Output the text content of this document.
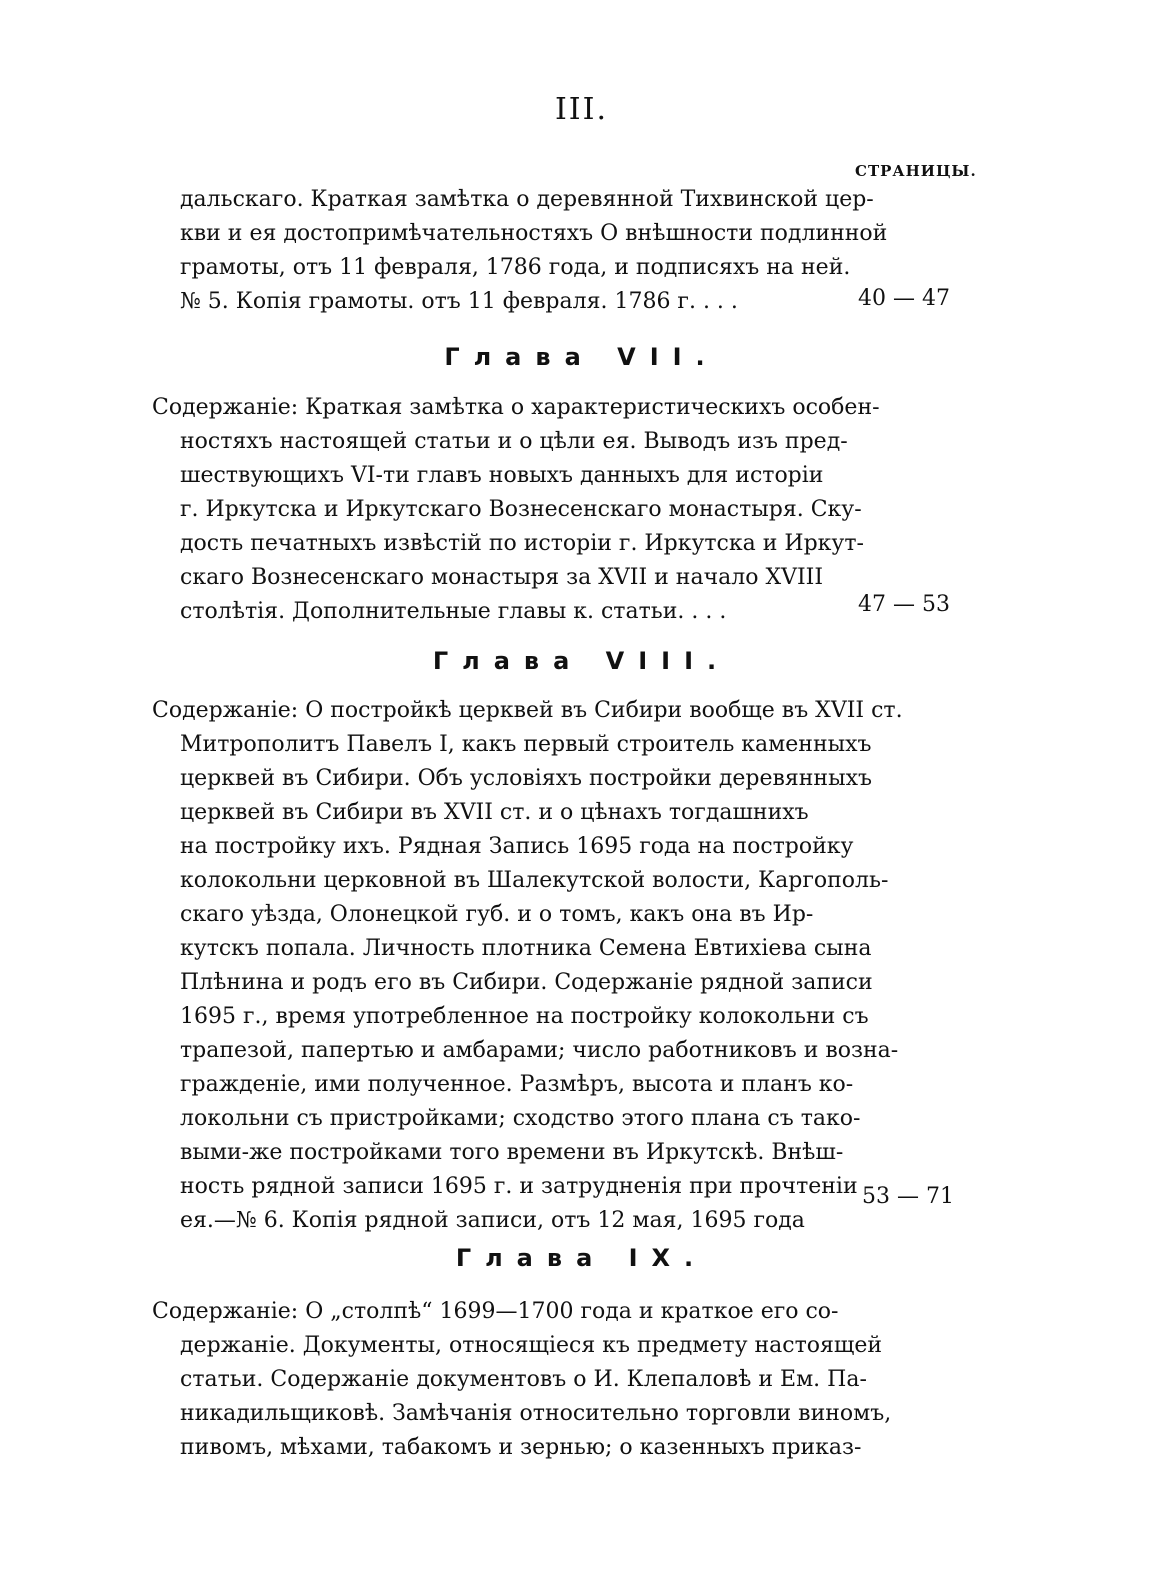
III.
СТРАНИЦЫ.
дальскаго. Краткая замѣтка о деревянной Тихвинской цер-
кви и ея достопримѣчательностяхъ О внѣшности подлинной
грамоты, отъ 11 февраля, 1786 года, и подписяхъ на ней.
№ 5. Копія грамоты. отъ 11 февраля. 1786 г. . . .	40 — 47
Глава VII.
Содержаніе: Краткая замѣтка о характеристическихъ особен-
ностяхъ настоящей статьи и о цѣли ея. Выводъ изъ пред-
шествующихъ VI-ти главъ новыхъ данныхъ для исторіи
г. Иркутска и Иркутскаго Вознесенскаго монастыря. Ску-
дость печатныхъ извѣстій по исторіи г. Иркутска и Иркут-
скаго Вознесенскаго монастыря за XVII и начало XVIII
столѣтія. Дополнительные главы к. статьи. . . .	47 — 53
Глава VIII.
Содержаніе: О постройкѣ церквей въ Сибири вообще въ XVII ст.
Митрополитъ Павелъ I, какъ первый строитель каменныхъ
церквей въ Сибири. Объ условіяхъ постройки деревянныхъ
церквей въ Сибири въ XVII ст. и о цѣнахъ тогдашнихъ
на постройку ихъ. Рядная Запись 1695 года на постройку
колокольни церковной въ Шалекутской волости, Каргополь-
скаго уѣзда, Олонецкой губ. и о томъ, какъ она въ Ир-
кутскъ попала. Личность плотника Семена Евтихіева сына
Плѣнина и родъ его въ Сибири. Содержаніе рядной записи
1695 г., время употребленное на постройку колокольни съ
трапезой, папертью и амбарами; число работниковъ и возна-
гражденіе, ими полученное. Размѣръ, высота и планъ ко-
локольни съ пристройками; сходство этого плана съ тако-
выми-же постройками того времени въ Иркутскѣ. Внѣш-
ность рядной записи 1695 г. и затрудненія при прочтеніи
ея.—№ 6. Копія рядной записи, отъ 12 мая, 1695 года
53 — 71
Глава IX.
Содержаніе: О „столпѣ“ 1699—1700 года и краткое его со-
держаніе. Документы, относящіеся къ предмету настоящей
статьи. Содержаніе документовъ о И. Клепаловѣ и Ем. Па-
никадильщиковѣ. Замѣчанія относительно торговли виномъ,
пивомъ, мѣхами, табакомъ и зернью; о казенныхъ приказ-
